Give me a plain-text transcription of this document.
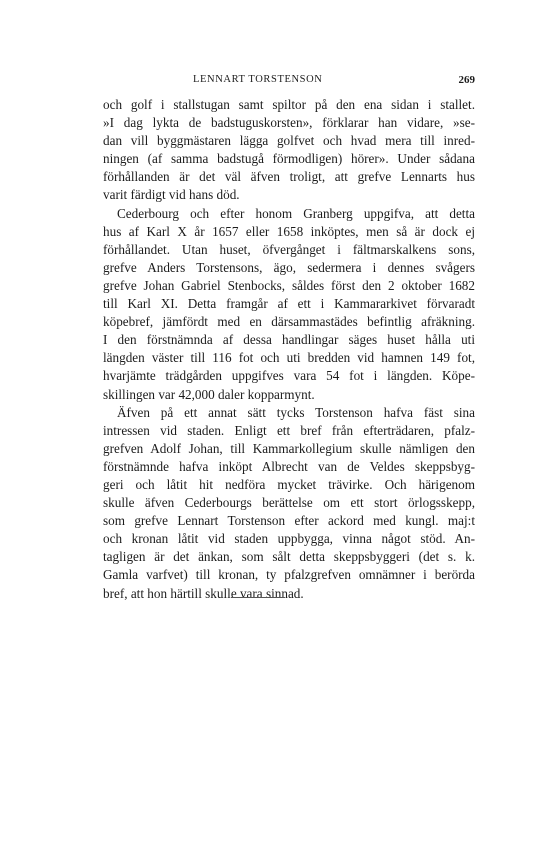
LENNART TORSTENSON	269
och golf i stallstugan samt spiltor på den ena sidan i stallet.
»I dag lykta de badstuguskorsten», förklarar han vidare, »se-
dan vill byggmästaren lägga golfvet och hvad mera till inred-
ningen (af samma badstugå förmodligen) hörer». Under sådana
förhållanden är det väl äfven troligt, att grefve Lennarts hus
varit färdigt vid hans död.
Cederbourg och efter honom Granberg uppgifva, att detta
hus af Karl X år 1657 eller 1658 inköptes, men så är dock ej
förhållandet. Utan huset, öfvergånget i fältmarskalkens sons,
grefve Anders Torstensons, ägo, sedermera i dennes svågers
grefve Johan Gabriel Stenbocks, såldes först den 2 oktober 1682
till Karl XI. Detta framgår af ett i Kammararkivet förvaradt
köpebref, jämfördt med en därsammastädes befintlig afräkning.
I den förstnämnda af dessa handlingar säges huset hålla uti
längden väster till 116 fot och uti bredden vid hamnen 149 fot,
hvarjämte trädgården uppgifves vara 54 fot i längden. Köpe-
skillingen var 42,000 daler kopparmynt.
Äfven på ett annat sätt tycks Torstenson hafva fäst sina
intressen vid staden. Enligt ett bref från efterträdaren, pfalz-
grefven Adolf Johan, till Kammarkollegium skulle nämligen den
förstnämnde hafva inköpt Albrecht van de Veldes skeppsbyg-
geri och låtit hit nedföra mycket trävirke. Och härigenom
skulle äfven Cederbourgs berättelse om ett stort örlogsskepp,
som grefve Lennart Torstenson efter ackord med kungl. maj:t
och kronan låtit vid staden uppbygga, vinna något stöd. An-
tagligen är det änkan, som sålt detta skeppsbyggeri (det s. k.
Gamla varfvet) till kronan, ty pfalzgrefven omnämner i berörda
bref, att hon härtill skulle vara sinnad.
